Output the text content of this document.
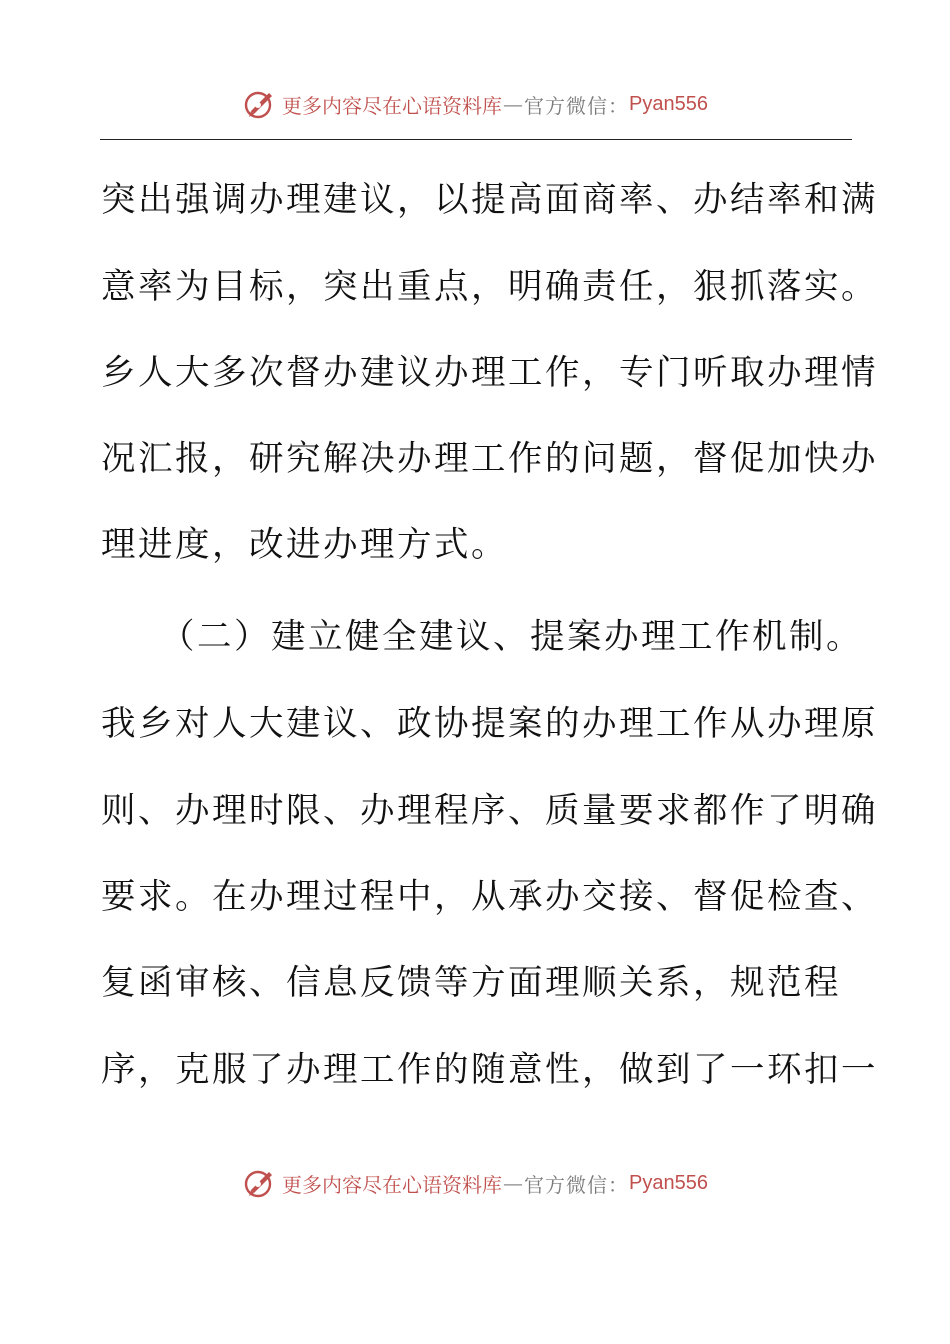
更多内容尽在心语资料库 — 官方微信： Pyan556
突出强调办理建议，以提高面商率、办结率和满
意率为目标，突出重点，明确责任，狠抓落实。
乡人大多次督办建议办理工作，专门听取办理情
况汇报，研究解决办理工作的问题，督促加快办
理进度，改进办理方式。
（二）建立健全建议、提案办理工作机制。
我乡对人大建议、政协提案的办理工作从办理原
则、办理时限、办理程序、质量要求都作了明确
要求。在办理过程中，从承办交接、督促检查、
复函审核、信息反馈等方面理顺关系，规范程
序，克服了办理工作的随意性，做到了一环扣一
更多内容尽在心语资料库 — 官方微信： Pyan556
